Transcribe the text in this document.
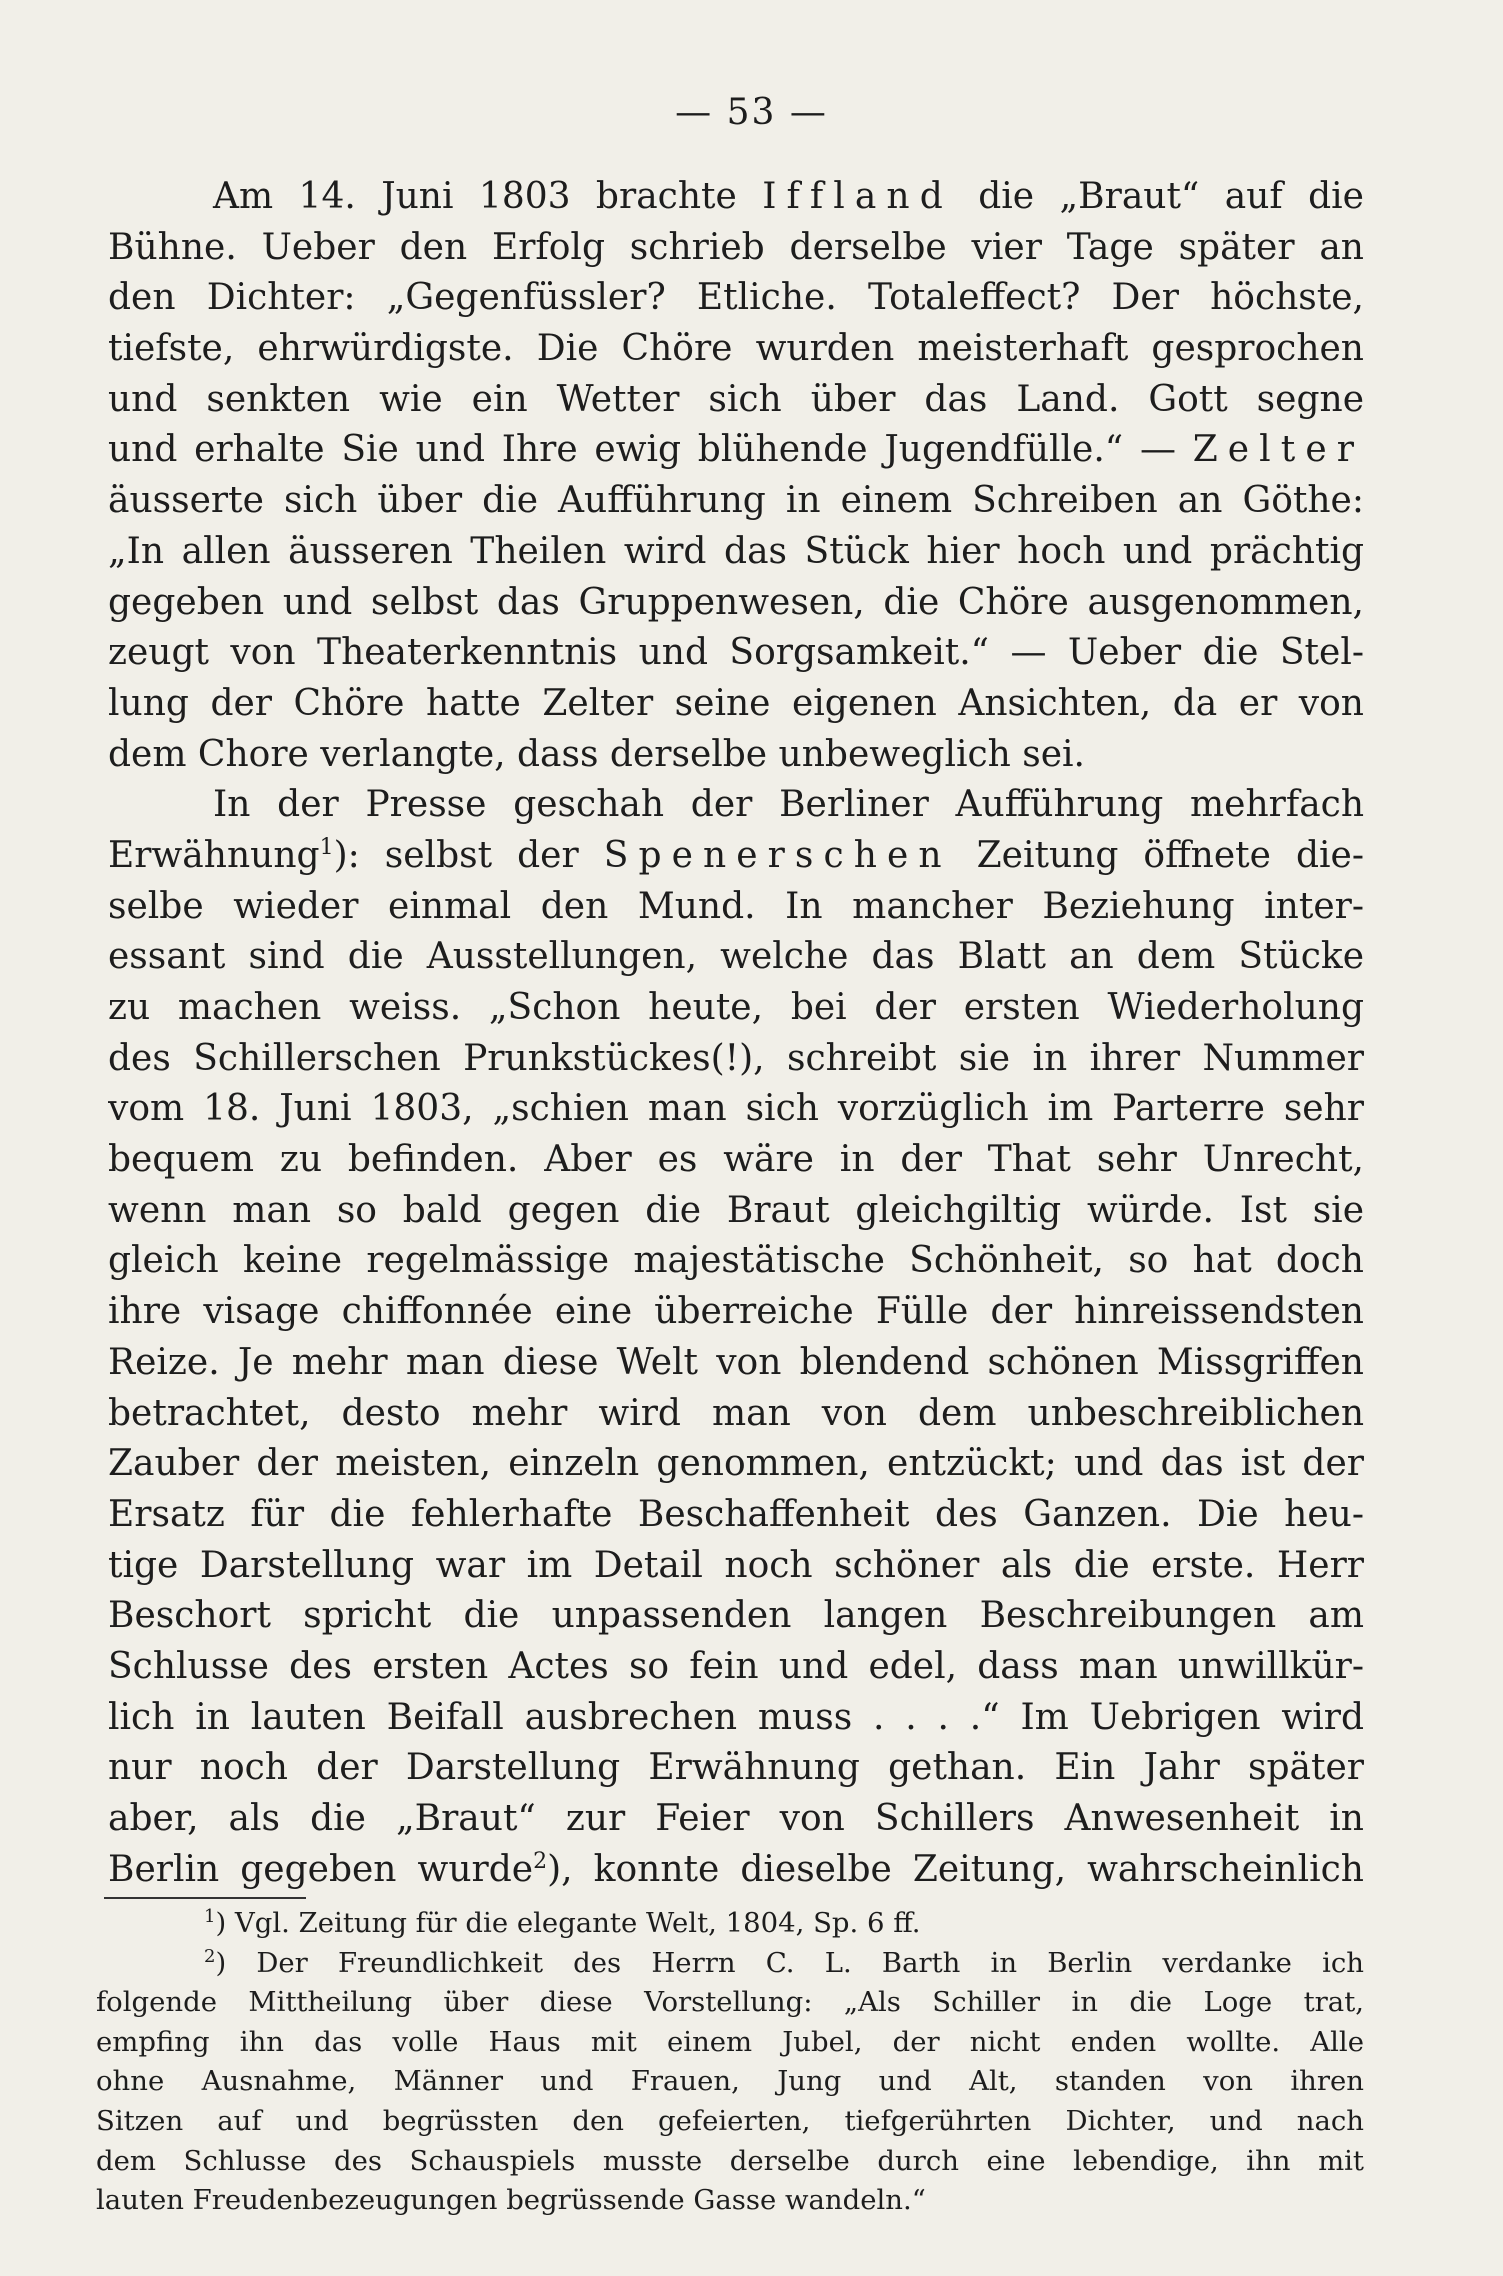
— 53 —
Am 14. Juni 1803 brachte Iffland die „Braut“ auf die
Bühne. Ueber den Erfolg schrieb derselbe vier Tage später an
den Dichter: „Gegenfüssler? Etliche. Totaleffect? Der höchste,
tiefste, ehrwürdigste. Die Chöre wurden meisterhaft gesprochen
und senkten wie ein Wetter sich über das Land. Gott segne
und erhalte Sie und Ihre ewig blühende Jugendfülle.“ — Zelter
äusserte sich über die Aufführung in einem Schreiben an Göthe:
„In allen äusseren Theilen wird das Stück hier hoch und prächtig
gegeben und selbst das Gruppenwesen, die Chöre ausgenommen,
zeugt von Theaterkenntnis und Sorgsamkeit.“ — Ueber die Stel-
lung der Chöre hatte Zelter seine eigenen Ansichten, da er von
dem Chore verlangte, dass derselbe unbeweglich sei.
In der Presse geschah der Berliner Aufführung mehrfach
Erwähnung$^1$): selbst der Spenerschen Zeitung öffnete die-
selbe wieder einmal den Mund. In mancher Beziehung inter-
essant sind die Ausstellungen, welche das Blatt an dem Stücke
zu machen weiss. „Schon heute, bei der ersten Wiederholung
des Schillerschen Prunkstückes(!), schreibt sie in ihrer Nummer
vom 18. Juni 1803, „schien man sich vorzüglich im Parterre sehr
bequem zu befinden. Aber es wäre in der That sehr Unrecht,
wenn man so bald gegen die Braut gleichgiltig würde. Ist sie
gleich keine regelmässige majestätische Schönheit, so hat doch
ihre visage chiffonnée eine überreiche Fülle der hinreissendsten
Reize. Je mehr man diese Welt von blendend schönen Missgriffen
betrachtet, desto mehr wird man von dem unbeschreiblichen
Zauber der meisten, einzeln genommen, entzückt; und das ist der
Ersatz für die fehlerhafte Beschaffenheit des Ganzen. Die heu-
tige Darstellung war im Detail noch schöner als die erste. Herr
Beschort spricht die unpassenden langen Beschreibungen am
Schlusse des ersten Actes so fein und edel, dass man unwillkür-
lich in lauten Beifall ausbrechen muss . . . .“ Im Uebrigen wird
nur noch der Darstellung Erwähnung gethan. Ein Jahr später
aber, als die „Braut“ zur Feier von Schillers Anwesenheit in
Berlin gegeben wurde$^2$), konnte dieselbe Zeitung, wahrscheinlich
$^1$) Vgl. Zeitung für die elegante Welt, 1804, Sp. 6 ff.
$^2$) Der Freundlichkeit des Herrn C. L. Barth in Berlin verdanke ich
folgende Mittheilung über diese Vorstellung: „Als Schiller in die Loge trat,
empfing ihn das volle Haus mit einem Jubel, der nicht enden wollte. Alle
ohne Ausnahme, Männer und Frauen, Jung und Alt, standen von ihren
Sitzen auf und begrüssten den gefeierten, tiefgerührten Dichter, und nach
dem Schlusse des Schauspiels musste derselbe durch eine lebendige, ihn mit
lauten Freudenbezeugungen begrüssende Gasse wandeln.“
